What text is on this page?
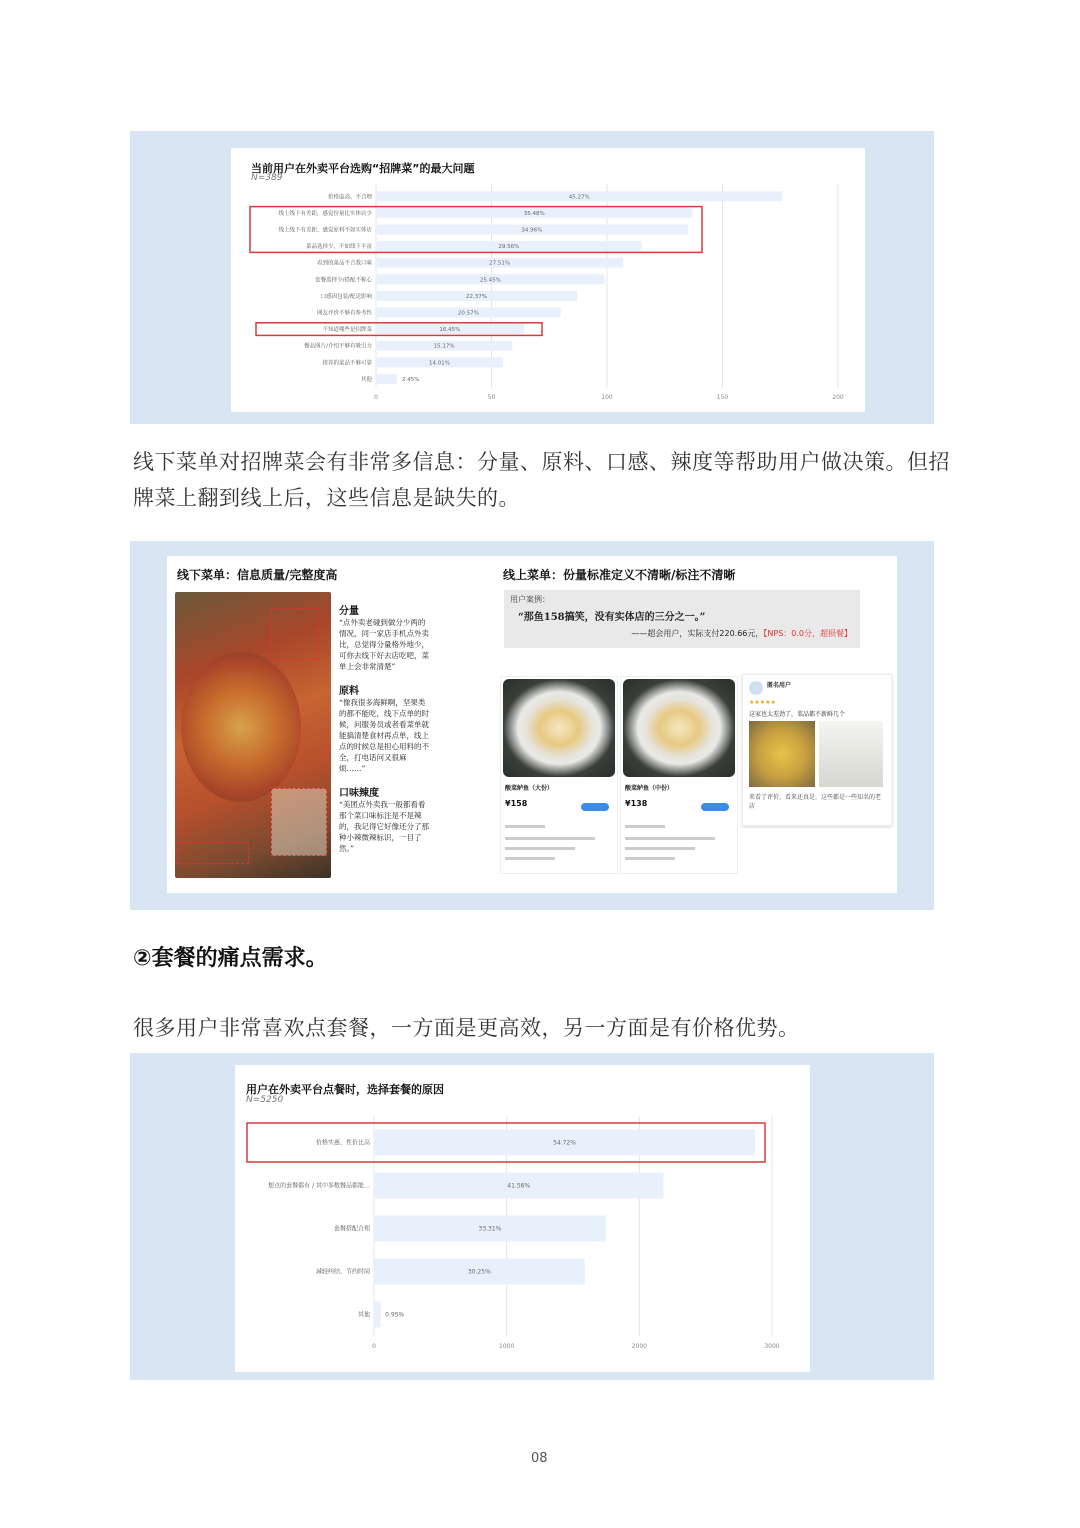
当前用户在外卖平台选购“招牌菜”的最大问题
N=389
0	50	100	150	200
价格虚高、不合理	45.27%
线上线下有差距，感觉份量比实体店少	35.48%
线上线下有差距，感觉原料不如实体店	34.96%
菜品选择少，不如线下丰富	29.56%
看到的菜品不合我口味	27.51%
套餐选择少/搭配不称心	25.45%
口感因包装/配送影响	22.37%
网友评价不够有参考性	20.57%
不知道哪些是招牌菜	16.45%
餐品图片/介绍不够有吸引力	15.17%
推荐的菜品不够可靠	14.01%
其他	2.45%
线下菜单对招牌菜会有非常多信息：分量、原料、口感、辣度等帮助用户做决策。但招牌菜上翻到线上后，这些信息是缺失的。
线下菜单：信息质量/完整度高
分量
“点外卖老碰到做分少两的情况，同一家店手机点外卖比，总觉得分量格外地少，可你去线下好去店吃吧，菜单上会非常清楚”
原料
“像我很多海鲜啊，坚果类的都不能吃，线下点单的时候，问服务员或者看菜单就能搞清楚食材再点单，线上点的时候总是担心用料的不全，打电话问又很麻烦……”
口味辣度
“美团点外卖我一般都看看那个菜口味标注是不是辣的，我记得它好像还分了那种小辣微辣标识，一目了然。”
线上菜单：份量标准定义不清晰/标注不清晰
用户案例：
“那鱼158搞笑，没有实体店的三分之一。”
——超会用户，实际支付220.66元，【NPS：0.0分，超损餐】
酸菜鲈鱼（大份）
¥158
酸菜鲈鱼（中份）
¥138
匿名用户
★★★★★
这家也太差劲了，菜品都不新鲜几个
来看了评价，看来还真是，这些都是一些知名的老店
②套餐的痛点需求。
很多用户非常喜欢点套餐，一方面是更高效，另一方面是有价格优势。
用户在外卖平台点餐时，选择套餐的原因
N=5250
0	1000	2000	3000
价格实惠、性价比高	54.72%
想点的套餐都有 / 其中多数餐品都能…	41.56%
套餐搭配合理	33.31%
减轻纠结、节约时间	30.25%
其他	0.95%
08
